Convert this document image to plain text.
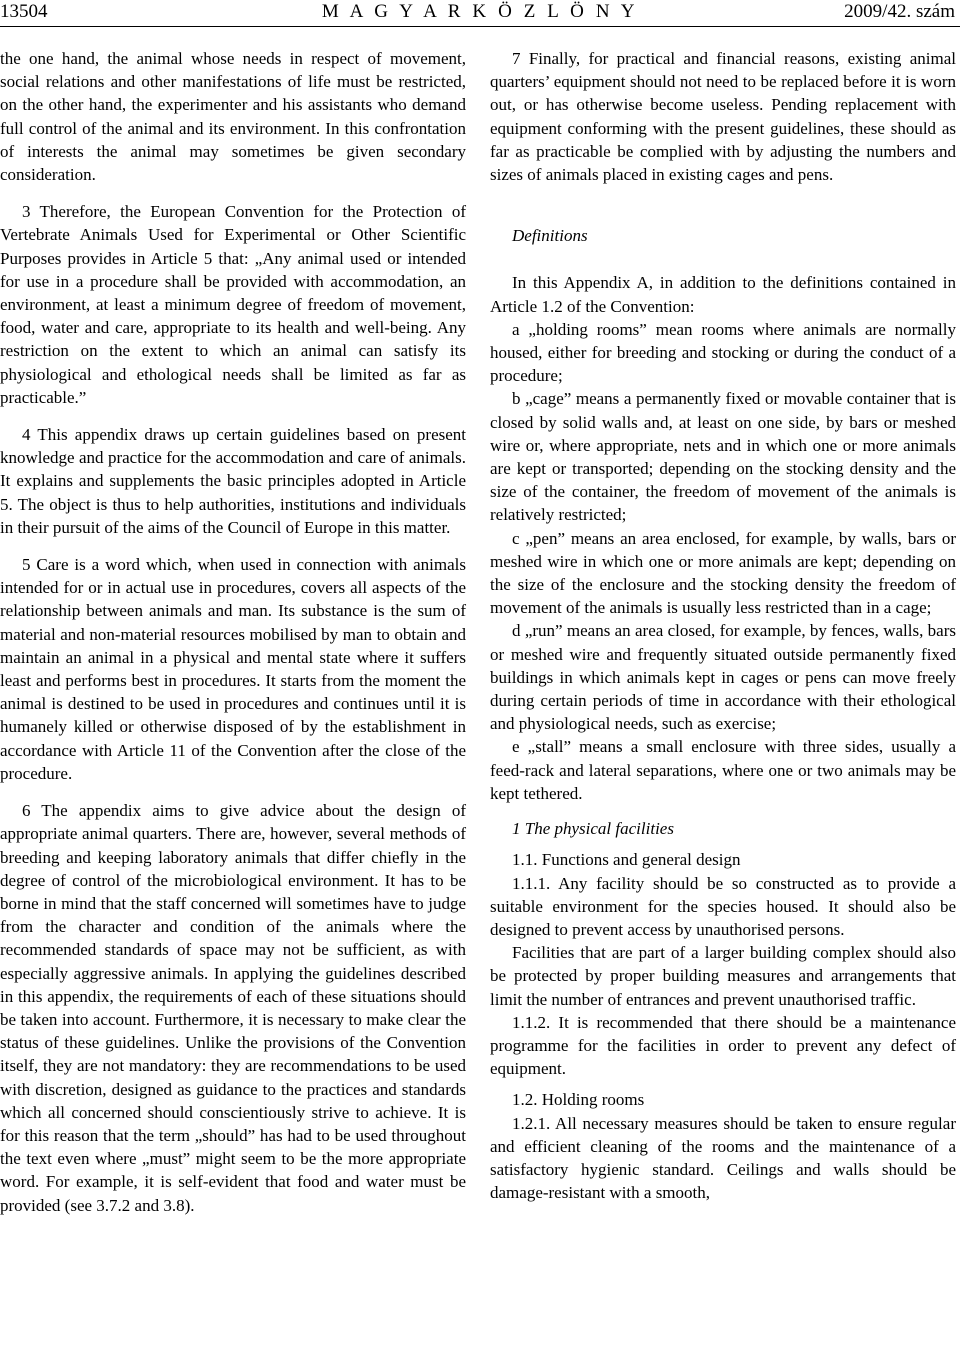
13504	M A G Y A R K Ö Z L Ö N Y	2009/42. szám

the one hand, the animal whose needs in respect of movement, social relations and other manifestations of life must be restricted, on the other hand, the experimenter and his assistants who demand full control of the animal and its environment. In this confrontation of interests the animal may sometimes be given secondary consideration.

3 Therefore, the European Convention for the Protection of Vertebrate Animals Used for Experimental or Other Scientific Purposes provides in Article 5 that: „Any animal used or intended for use in a procedure shall be provided with accommodation, an environment, at least a minimum degree of freedom of movement, food, water and care, appropriate to its health and well-being. Any restriction on the extent to which an animal can satisfy its physiological and ethological needs shall be limited as far as practicable.”

4 This appendix draws up certain guidelines based on present knowledge and practice for the accommodation and care of animals. It explains and supplements the basic principles adopted in Article 5. The object is thus to help authorities, institutions and individuals in their pursuit of the aims of the Council of Europe in this matter.

5 Care is a word which, when used in connection with animals intended for or in actual use in procedures, covers all aspects of the relationship between animals and man. Its substance is the sum of material and non-material resources mobilised by man to obtain and maintain an animal in a physical and mental state where it suffers least and performs best in procedures. It starts from the moment the animal is destined to be used in procedures and continues until it is humanely killed or otherwise disposed of by the establishment in accordance with Article 11 of the Convention after the close of the procedure.

6 The appendix aims to give advice about the design of appropriate animal quarters. There are, however, several methods of breeding and keeping laboratory animals that differ chiefly in the degree of control of the microbiological environment. It has to be borne in mind that the staff concerned will sometimes have to judge from the character and condition of the animals where the recommended standards of space may not be sufficient, as with especially aggressive animals. In applying the guidelines described in this appendix, the requirements of each of these situations should be taken into account. Furthermore, it is necessary to make clear the status of these guidelines. Unlike the provisions of the Convention itself, they are not mandatory: they are recommendations to be used with discretion, designed as guidance to the practices and standards which all concerned should conscientiously strive to achieve. It is for this reason that the term „should” has had to be used throughout the text even where „must” might seem to be the more appropriate word. For example, it is self-evident that food and water must be provided (see 3.7.2 and 3.8).

7 Finally, for practical and financial reasons, existing animal quarters’ equipment should not need to be replaced before it is worn out, or has otherwise become useless. Pending replacement with equipment conforming with the present guidelines, these should as far as practicable be complied with by adjusting the numbers and sizes of animals placed in existing cages and pens.

Definitions

In this Appendix A, in addition to the definitions contained in Article 1.2 of the Convention:

a „holding rooms” mean rooms where animals are normally housed, either for breeding and stocking or during the conduct of a procedure;

b „cage” means a permanently fixed or movable container that is closed by solid walls and, at least on one side, by bars or meshed wire or, where appropriate, nets and in which one or more animals are kept or transported; depending on the stocking density and the size of the container, the freedom of movement of the animals is relatively restricted;

c „pen” means an area enclosed, for example, by walls, bars or meshed wire in which one or more animals are kept; depending on the size of the enclosure and the stocking density the freedom of movement of the animals is usually less restricted than in a cage;

d „run” means an area closed, for example, by fences, walls, bars or meshed wire and frequently situated outside permanently fixed buildings in which animals kept in cages or pens can move freely during certain periods of time in accordance with their ethological and physiological needs, such as exercise;

e „stall” means a small enclosure with three sides, usually a feed-rack and lateral separations, where one or two animals may be kept tethered.

1 The physical facilities

1.1. Functions and general design

1.1.1. Any facility should be so constructed as to provide a suitable environment for the species housed. It should also be designed to prevent access by unauthorised persons.

Facilities that are part of a larger building complex should also be protected by proper building measures and arrangements that limit the number of entrances and prevent unauthorised traffic.

1.1.2. It is recommended that there should be a maintenance programme for the facilities in order to prevent any defect of equipment.

1.2. Holding rooms

1.2.1. All necessary measures should be taken to ensure regular and efficient cleaning of the rooms and the maintenance of a satisfactory hygienic standard. Ceilings and walls should be damage-resistant with a smooth,
